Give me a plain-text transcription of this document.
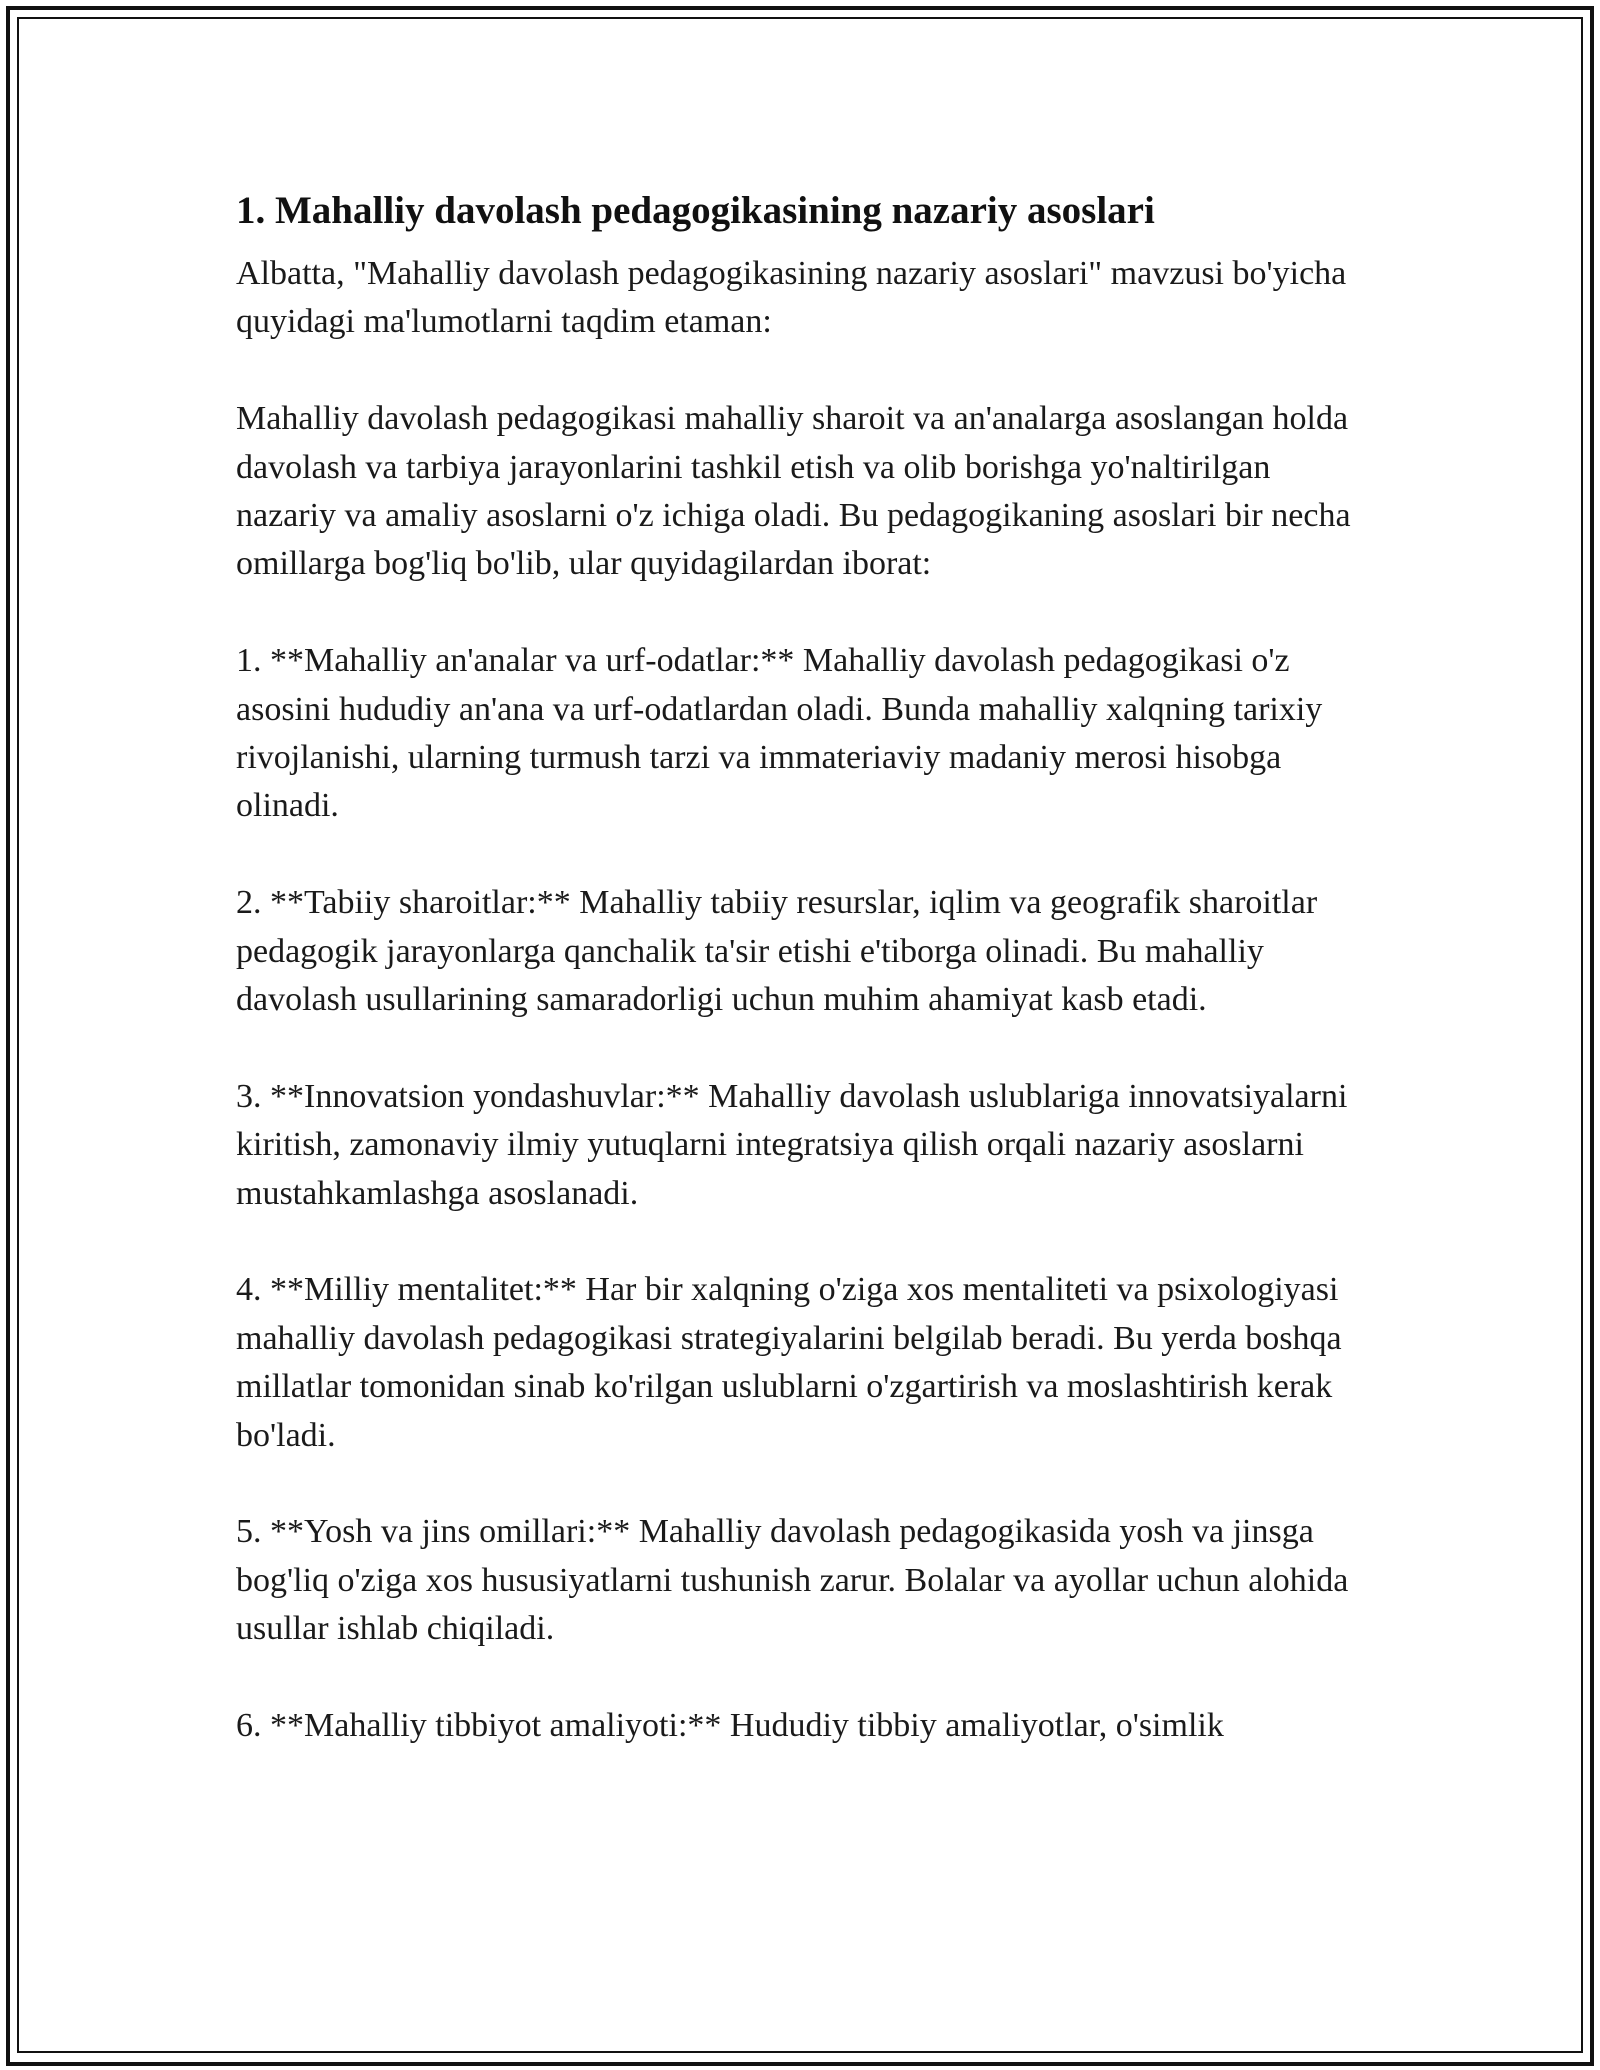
1. Mahalliy davolash pedagogikasining nazariy asoslari

Albatta, "Mahalliy davolash pedagogikasining nazariy asoslari" mavzusi bo'yicha quyidagi ma'lumotlarni taqdim etaman:

Mahalliy davolash pedagogikasi mahalliy sharoit va an'analarga asoslangan holda davolash va tarbiya jarayonlarini tashkil etish va olib borishga yo'naltirilgan nazariy va amaliy asoslarni o'z ichiga oladi. Bu pedagogikaning asoslari bir necha omillarga bog'liq bo'lib, ular quyidagilardan iborat:

1. **Mahalliy an'analar va urf-odatlar:** Mahalliy davolash pedagogikasi o'z asosini hududiy an'ana va urf-odatlardan oladi. Bunda mahalliy xalqning tarixiy rivojlanishi, ularning turmush tarzi va immateriaviy madaniy merosi hisobga olinadi.

2. **Tabiiy sharoitlar:** Mahalliy tabiiy resurslar, iqlim va geografik sharoitlar pedagogik jarayonlarga qanchalik ta'sir etishi e'tiborga olinadi. Bu mahalliy davolash usullarining samaradorligi uchun muhim ahamiyat kasb etadi.

3. **Innovatsion yondashuvlar:** Mahalliy davolash uslublariga innovatsiyalarni kiritish, zamonaviy ilmiy yutuqlarni integratsiya qilish orqali nazariy asoslarni mustahkamlashga asoslanadi.

4. **Milliy mentalitet:** Har bir xalqning o'ziga xos mentaliteti va psixologiyasi mahalliy davolash pedagogikasi strategiyalarini belgilab beradi. Bu yerda boshqa millatlar tomonidan sinab ko'rilgan uslublarni o'zgartirish va moslashtirish kerak bo'ladi.

5. **Yosh va jins omillari:** Mahalliy davolash pedagogikasida yosh va jinsga bog'liq o'ziga xos hususiyatlarni tushunish zarur. Bolalar va ayollar uchun alohida usullar ishlab chiqiladi.

6. **Mahalliy tibbiyot amaliyoti:** Hududiy tibbiy amaliyotlar, o'simlik
